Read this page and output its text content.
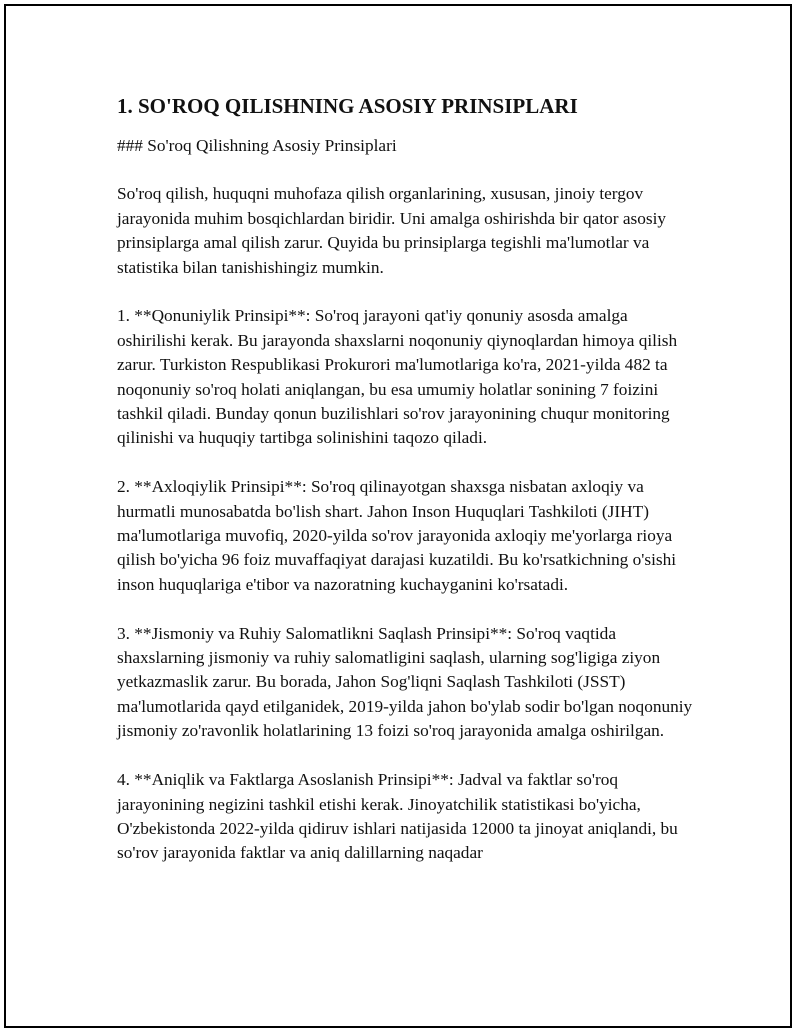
1. SO'ROQ QILISHNING ASOSIY PRINSIPLARI

### So'roq Qilishning Asosiy Prinsiplari

So'roq qilish, huquqni muhofaza qilish organlarining, xususan, jinoiy tergov jarayonida muhim bosqichlardan biridir. Uni amalga oshirishda bir qator asosiy prinsiplarga amal qilish zarur. Quyida bu prinsiplarga tegishli ma'lumotlar va statistika bilan tanishishingiz mumkin.

1. **Qonuniylik Prinsipi**: So'roq jarayoni qat'iy qonuniy asosda amalga oshirilishi kerak. Bu jarayonda shaxslarni noqonuniy qiynoqlardan himoya qilish zarur. Turkiston Respublikasi Prokurori ma'lumotlariga ko'ra, 2021-yilda 482 ta noqonuniy so'roq holati aniqlangan, bu esa umumiy holatlar sonining 7 foizini tashkil qiladi. Bunday qonun buzilishlari so'rov jarayonining chuqur monitoring qilinishi va huquqiy tartibga solinishini taqozo qiladi.

2. **Axloqiylik Prinsipi**: So'roq qilinayotgan shaxsga nisbatan axloqiy va hurmatli munosabatda bo'lish shart. Jahon Inson Huquqlari Tashkiloti (JIHT) ma'lumotlariga muvofiq, 2020-yilda so'rov jarayonida axloqiy me'yorlarga rioya qilish bo'yicha 96 foiz muvaffaqiyat darajasi kuzatildi. Bu ko'rsatkichning o'sishi inson huquqlariga e'tibor va nazoratning kuchayganini ko'rsatadi.

3. **Jismoniy va Ruhiy Salomatlikni Saqlash Prinsipi**: So'roq vaqtida shaxslarning jismoniy va ruhiy salomatligini saqlash, ularning sog'ligiga ziyon yetkazmaslik zarur. Bu borada, Jahon Sog'liqni Saqlash Tashkiloti (JSST) ma'lumotlarida qayd etilganidek, 2019-yilda jahon bo'ylab sodir bo'lgan noqonuniy jismoniy zo'ravonlik holatlarining 13 foizi so'roq jarayonida amalga oshirilgan.

4. **Aniqlik va Faktlarga Asoslanish Prinsipi**: Jadval va faktlar so'roq jarayonining negizini tashkil etishi kerak. Jinoyatchilik statistikasi bo'yicha, O'zbekistonda 2022-yilda qidiruv ishlari natijasida 12000 ta jinoyat aniqlandi, bu so'rov jarayonida faktlar va aniq dalillarning naqadar
